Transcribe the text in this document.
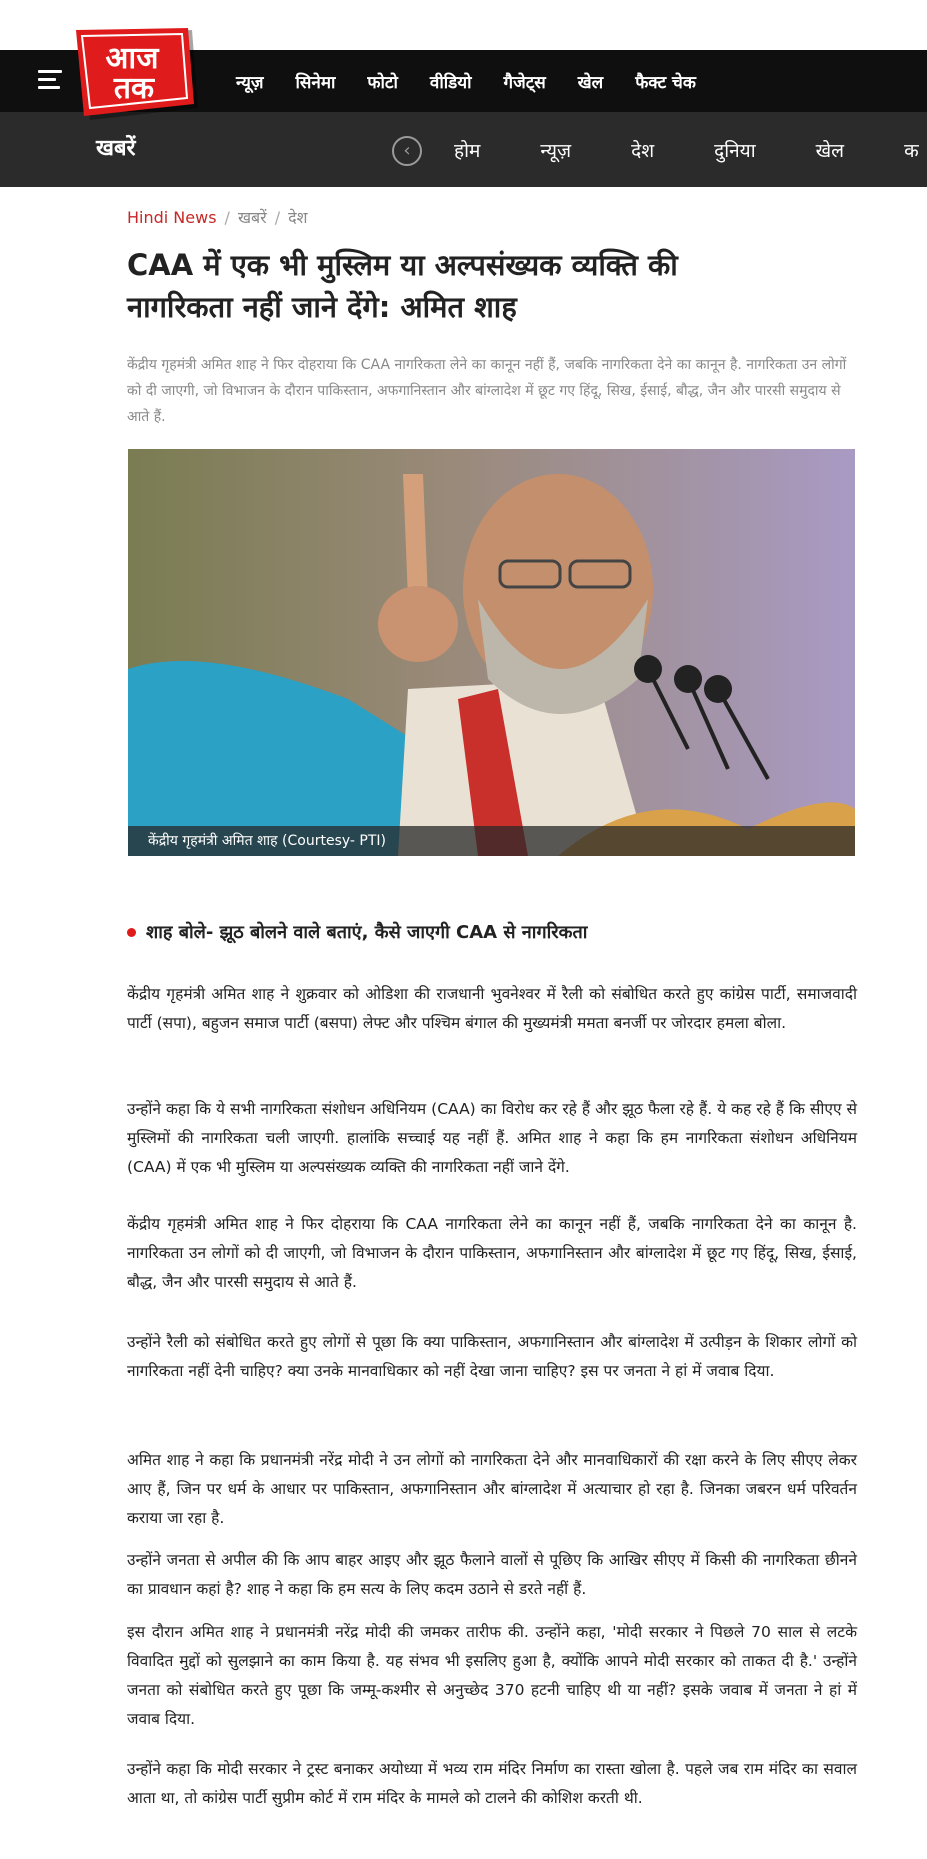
न्यूज़ सिनेमा फोटो वीडियो गैजेट्स खेल फैक्ट चेक
आज
तक
खबरें	‹	होम	न्यूज़	देश	दुनिया	खेल	क
Hindi News / खबरें / देश
CAA में एक भी मुस्लिम या अल्पसंख्यक व्यक्ति की नागरिकता नहीं जाने देंगे: अमित शाह

केंद्रीय गृहमंत्री अमित शाह ने फिर दोहराया कि CAA नागरिकता लेने का कानून नहीं हैं, जबकि नागरिकता देने का कानून है. नागरिकता उन लोगों को दी जाएगी, जो विभाजन के दौरान पाकिस्तान, अफगानिस्तान और बांग्लादेश में छूट गए हिंदू, सिख, ईसाई, बौद्ध, जैन और पारसी समुदाय से आते हैं.

केंद्रीय गृहमंत्री अमित शाह (Courtesy- PTI)
शाह बोले- झूठ बोलने वाले बताएं, कैसे जाएगी CAA से नागरिकता

केंद्रीय गृहमंत्री अमित शाह ने शुक्रवार को ओडिशा की राजधानी भुवनेश्वर में रैली को संबोधित करते हुए कांग्रेस पार्टी, समाजवादी पार्टी (सपा), बहुजन समाज पार्टी (बसपा) लेफ्ट और पश्चिम बंगाल की मुख्यमंत्री ममता बनर्जी पर जोरदार हमला बोला.

उन्होंने कहा कि ये सभी नागरिकता संशोधन अधिनियम (CAA) का विरोध कर रहे हैं और झूठ फैला रहे हैं. ये कह रहे हैं कि सीएए से मुस्लिमों की नागरिकता चली जाएगी. हालांकि सच्चाई यह नहीं हैं. अमित शाह ने कहा कि हम नागरिकता संशोधन अधिनियम (CAA) में एक भी मुस्लिम या अल्पसंख्यक व्यक्ति की नागरिकता नहीं जाने देंगे.

केंद्रीय गृहमंत्री अमित शाह ने फिर दोहराया कि CAA नागरिकता लेने का कानून नहीं हैं, जबकि नागरिकता देने का कानून है. नागरिकता उन लोगों को दी जाएगी, जो विभाजन के दौरान पाकिस्तान, अफगानिस्तान और बांग्लादेश में छूट गए हिंदू, सिख, ईसाई, बौद्ध, जैन और पारसी समुदाय से आते हैं.

उन्होंने रैली को संबोधित करते हुए लोगों से पूछा कि क्या पाकिस्तान, अफगानिस्तान और बांग्लादेश में उत्पीड़न के शिकार लोगों को नागरिकता नहीं देनी चाहिए? क्या उनके मानवाधिकार को नहीं देखा जाना चाहिए? इस पर जनता ने हां में जवाब दिया.

अमित शाह ने कहा कि प्रधानमंत्री नरेंद्र मोदी ने उन लोगों को नागरिकता देने और मानवाधिकारों की रक्षा करने के लिए सीएए लेकर आए हैं, जिन पर धर्म के आधार पर पाकिस्तान, अफगानिस्तान और बांग्लादेश में अत्याचार हो रहा है. जिनका जबरन धर्म परिवर्तन कराया जा रहा है.

उन्होंने जनता से अपील की कि आप बाहर आइए और झूठ फैलाने वालों से पूछिए कि आखिर सीएए में किसी की नागरिकता छीनने का प्रावधान कहां है? शाह ने कहा कि हम सत्य के लिए कदम उठाने से डरते नहीं हैं.

इस दौरान अमित शाह ने प्रधानमंत्री नरेंद्र मोदी की जमकर तारीफ की. उन्होंने कहा, 'मोदी सरकार ने पिछले 70 साल से लटके विवादित मुद्दों को सुलझाने का काम किया है. यह संभव भी इसलिए हुआ है, क्योंकि आपने मोदी सरकार को ताकत दी है.' उन्होंने जनता को संबोधित करते हुए पूछा कि जम्मू-कश्मीर से अनुच्छेद 370 हटनी चाहिए थी या नहीं? इसके जवाब में जनता ने हां में जवाब दिया.

उन्होंने कहा कि मोदी सरकार ने ट्रस्ट बनाकर अयोध्या में भव्य राम मंदिर निर्माण का रास्ता खोला है. पहले जब राम मंदिर का सवाल आता था, तो कांग्रेस पार्टी सुप्रीम कोर्ट में राम मंदिर के मामले को टालने की कोशिश करती थी.
